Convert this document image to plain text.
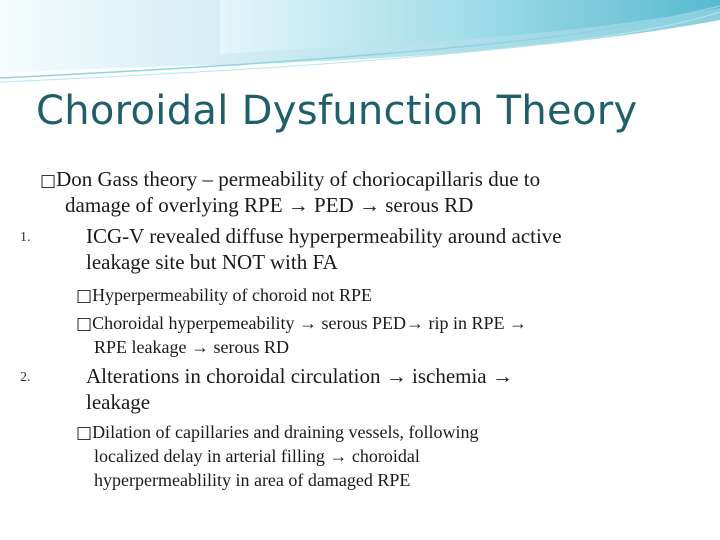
Choroidal Dysfunction Theory
□Don Gass theory – permeability of choriocapillaris due to
damage of overlying RPE → PED → serous RD
1.	ICG-V revealed diffuse hyperpermeability around active
leakage site but NOT with FA
□Hyperpermeability of choroid not RPE
□Choroidal hyperpemeability → serous PED→ rip in RPE →
RPE leakage → serous RD
2.	Alterations in choroidal circulation → ischemia →
leakage
□Dilation of capillaries and draining vessels, following
localized delay in arterial filling → choroidal
hyperpermeablility in area of damaged RPE
